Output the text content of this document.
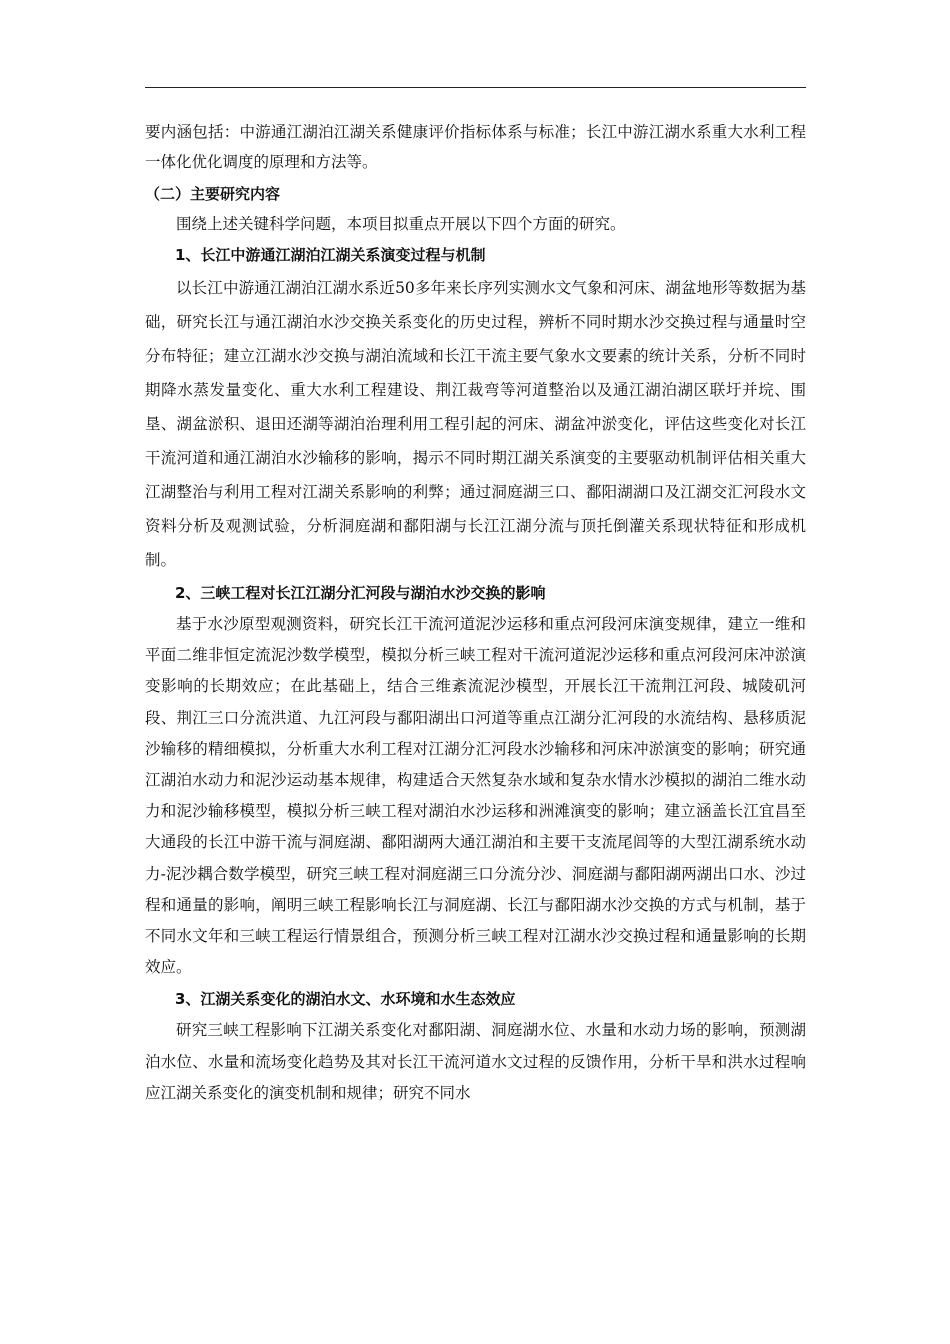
要内涵包括：中游通江湖泊江湖关系健康评价指标体系与标准；长江中游江湖水系重大水利工程一体化优化调度的原理和方法等。

（二）主要研究内容

围绕上述关键科学问题，本项目拟重点开展以下四个方面的研究。

1、长江中游通江湖泊江湖关系演变过程与机制

以长江中游通江湖泊江湖水系近50多年来长序列实测水文气象和河床、湖盆地形等数据为基础，研究长江与通江湖泊水沙交换关系变化的历史过程，辨析不同时期水沙交换过程与通量时空分布特征；建立江湖水沙交换与湖泊流域和长江干流主要气象水文要素的统计关系，分析不同时期降水蒸发量变化、重大水利工程建设、荆江裁弯等河道整治以及通江湖泊湖区联圩并垸、围垦、湖盆淤积、退田还湖等湖泊治理利用工程引起的河床、湖盆冲淤变化，评估这些变化对长江干流河道和通江湖泊水沙输移的影响，揭示不同时期江湖关系演变的主要驱动机制评估相关重大江湖整治与利用工程对江湖关系影响的利弊；通过洞庭湖三口、鄱阳湖湖口及江湖交汇河段水文资料分析及观测试验，分析洞庭湖和鄱阳湖与长江江湖分流与顶托倒灌关系现状特征和形成机制。

2、三峡工程对长江江湖分汇河段与湖泊水沙交换的影响

基于水沙原型观测资料，研究长江干流河道泥沙运移和重点河段河床演变规律，建立一维和平面二维非恒定流泥沙数学模型，模拟分析三峡工程对干流河道泥沙运移和重点河段河床冲淤演变影响的长期效应；在此基础上，结合三维紊流泥沙模型，开展长江干流荆江河段、城陵矶河段、荆江三口分流洪道、九江河段与鄱阳湖出口河道等重点江湖分汇河段的水流结构、悬移质泥沙输移的精细模拟，分析重大水利工程对江湖分汇河段水沙输移和河床冲淤演变的影响；研究通江湖泊水动力和泥沙运动基本规律，构建适合天然复杂水域和复杂水情水沙模拟的湖泊二维水动力和泥沙输移模型，模拟分析三峡工程对湖泊水沙运移和洲滩演变的影响；建立涵盖长江宜昌至大通段的长江中游干流与洞庭湖、鄱阳湖两大通江湖泊和主要干支流尾闾等的大型江湖系统水动力-泥沙耦合数学模型，研究三峡工程对洞庭湖三口分流分沙、洞庭湖与鄱阳湖两湖出口水、沙过程和通量的影响，阐明三峡工程影响长江与洞庭湖、长江与鄱阳湖水沙交换的方式与机制，基于不同水文年和三峡工程运行情景组合，预测分析三峡工程对江湖水沙交换过程和通量影响的长期效应。

3、江湖关系变化的湖泊水文、水环境和水生态效应

研究三峡工程影响下江湖关系变化对鄱阳湖、洞庭湖水位、水量和水动力场的影响，预测湖泊水位、水量和流场变化趋势及其对长江干流河道水文过程的反馈作用，分析干旱和洪水过程响应江湖关系变化的演变机制和规律；研究不同水
